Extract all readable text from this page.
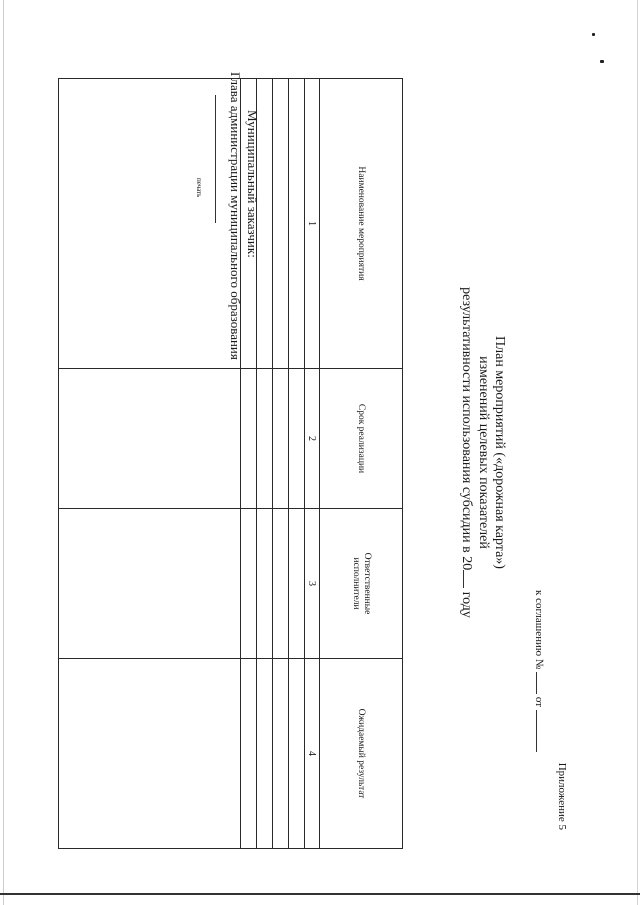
Приложение 5
к соглашению №  от
План мероприятий («дорожная карта»)
изменений целевых показателей
результативности использования субсидии в 20 году
Наименование мероприятия	Срок реализации	Ответственные исполнители	Ожидаемый результат

1	2	3	4

Муниципальный заказчик:
печать Глава администрации муниципального образования
